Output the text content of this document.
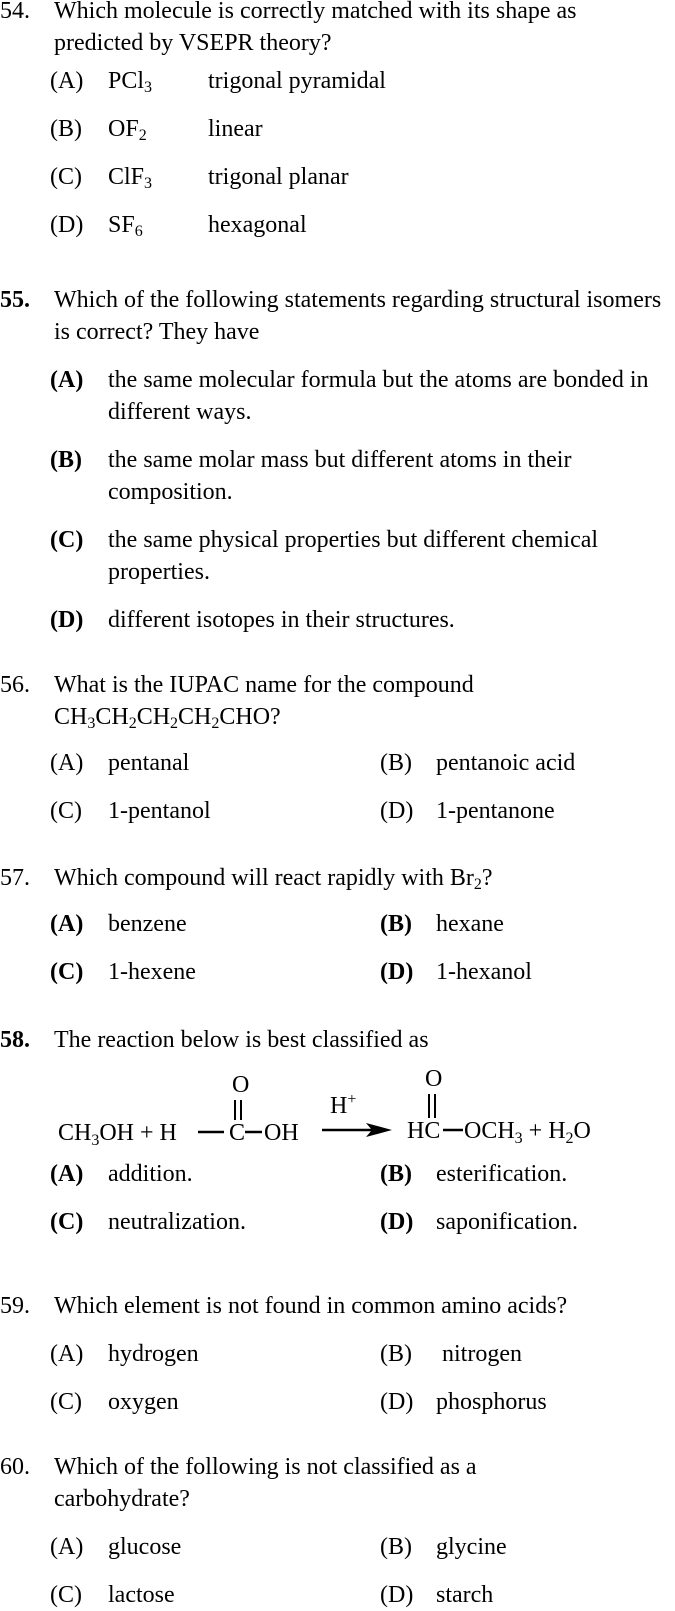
54. Which molecule is correctly matched with its shape as predicted by VSEPR theory?
(A) PCl$_3$ trigonal pyramidal
(B) $OF_2$	linear
(C) ClF$_3$ trigonal planar
(D) $SF_6$	hexagonal
55. Which of the following statements regarding structural isomers is correct? They have
(A) the same molecular formula but the atoms are bonded in different ways.
(B) the same molar mass but different atoms in their composition.
(C) the same physical properties but different chemical properties.
(D) different isotopes in their structures.
56. What is the IUPAC name for the compound
$CH_3CH_2CH_2CH_2CHO$?
(A) pentanal	(B) pentanoic acid
(C) 1-pentanol	(D) 1-pentanone
57. Which compound will react rapidly with $Br_2$?
(A) benzene	(B) hexane
(C) 1-hexene	(D) 1-hexanol
58. The reaction below is best classified as
$CH_3OH + H$
O
C OH
H+
O
HC $OCH_3 + H_2O$
(A) addition.	(B) esterification.
(C) neutralization.	(D) saponification.
59. Which element is not found in common amino acids?
(A) hydrogen	(B) nitrogen
(C) oxygen	(D) phosphorus
60. Which of the following is not classified as a carbohydrate?
(A) glucose	(B) glycine
(C) lactose	(D) starch
